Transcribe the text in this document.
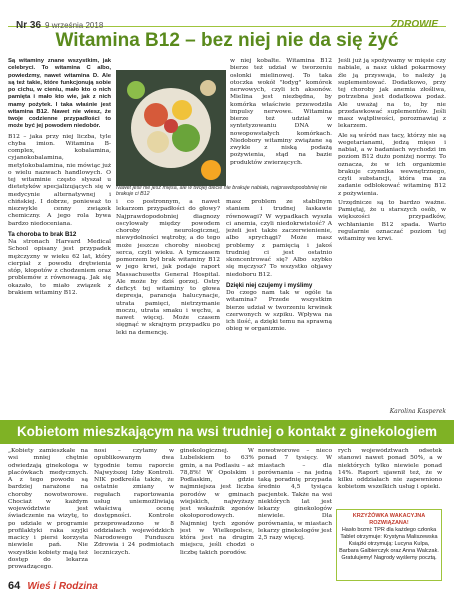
Nr 36 9 września 2018	ZDROWIE
Witamina B12 – bez niej nie da się żyć

Są witaminy znane wszystkim, jak celebryci. To witamina C albo, powiedzmy, nawet witamina D. Ale są też takie, które funkcjonują sobie po cichu, w cieniu, mało kto o nich pamięta i mało kto wie, jak z nich mamy pożytek. I taka właśnie jest witamina B12. Nawet nie wiesz, że twoje codzienne przypadłości to może być jej powodem niedobór.

B12 – jaka przy niej liczba, tyle chyba imion. Witamina B-complex, kobalamina, cyjanokobalamina, metylokobalamina, nie mówiąc już o wielu nazwach handlowych. O tej witaminie często słyszał u dietetyków specjalizujących się w medycynie alternatywnej i chińskiej. I dobrze, ponieważ to niezwykle cenny związek chemiczny. A jego rola bywa bardzo niedoceniana.

Ta choroba to brak B12

Na stronach Harvard Medical School opisany jest przypadek mężczyzny w wieku 62 lat, który cierpiał z powodu drętwienia stóp, kłopotów z chodzeniem oraz problemów z równowagą. Jak się okazało, to miało związek z brakiem witaminy B12.

Nawet jeśli nie jesz mięsa, ale w twojej diecie nie brakuje nabiału, najprawdopodobniej nie brakuje ci B12

i co postronnym, a nawet lekarzom przypadłości do głowy? Najprawdopodobniej diagnozy oscylowały między powodem choroby neurologicznej, niewydolności wątroby, a do tego może jeszcze choroby nieobcej serca, czyli wieku. A tymczasem pomorzem był brak witaminy B12 w jego krwi, jak podaje raport Massachusetts General Hospital. Ale może by dziś gorzej. Ostry deficyt tej witaminy to głowa depresja, paranoja halucynacje, utrata pamięci, nietrzymanie moczu, utrata smaku i węchu, a nawet więcej. Może czasem sięgnąć w skrajnym przypadku po leki na demencję.

masz problem ze stabilnym staniem i trudnej łaskawie równowagi? W wypadkach wyszła ci anemia, czyli niedokrwistość? A jeżeli jest także zaczerwienienie, albo sprychągi? Może masz problemy z pamięcią i jakoś trudniej ci jest ostatnio skoncentrować się? Albo szybko się męczysz? To wszystko objawy niedoboru B12.

Dzięki niej czujemy i myślimy

Do czego nam tak w ogóle ta witamina? Przede wszystkim bierze udział w tworzeniu krwinek czerwonych w szpiku. Wpływa na ich ilość, a dzięki temu na sprawną obieg w organizmie.

w niej kobalte. Witamina B12 bierze też udział w tworzeniu osłonki mielinowej. To taka otoczka wokół "łodyg" komórek nerwowych, czyli ich aksonów. Mielina jest niezbędna, by komórka właściwie przewodziła impulsy nerwowe. Witamina bierze też udział w syntetyzowaniu DNA w nowopowstałych komórkach. Niedobory witaminy zwiążane są zwykle z niską podażą pożywienia, stąd na bazie produktów zwierzęcych.

Jeśli już ją spożywamy w mięsie czy nabiale, a nasz układ pokarmowy źle ją przyswaja, to należy ją suplementować. Dodatkowo, przy tej choroby jak anemia złośliwa, potrzebna jest dodatkowa podaż. Ale uważaj na to, by nie przedawkować suplementów. Jeśli masz wątpliwości, porozmawiaj z lekarzem.

Ale są wśród nas tacy, którzy nie są wegetarianami, jedzą mięso i nabiał, a w badaniach wychodzi im poziom B12 dużo poniżej normy. To oznacza, że w ich organizmie brakuje czynnika wewnętrznego, czyli substancji, która ma za zadanie odblokować witaminę B12 z pożywienia.

Urzędnicze są to bardzo ważne. Pamiętaj, że u starszych osób, w większości przypadków, wchłanianie B12 spada. Warto regularnie oznaczać poziom tej witaminy we krwi.

Karolina Kasperek
Kobietom mieszkającym na wsi trudniej o kontakt z ginekologiem

„Kobiety zamieszkałe na wsi mniej chętnie odwiedzają ginekologa w placówkach medycznych. A z tego powodu są bardziej narażone na choroby nowotworowe. Chociaż w każdym województwie jest świadczenie na wizytę, to po udziale w programie profilaktyki raka szyjki macicy i piersi korzysta niewiele pań. Nie wszystkie kobiety mają też dostęp do lekarza prowadzącego.

nosi – czytamy w opublikowanym dwa tygodnie temu raporcie Najwyższej Izby Kontroli. NIK podkreśla także, że ostatnie zmiany w regułach raportowania usług uniemożliwiają właściwą ocenę dostępności. Kontrole przeprowadzono w 8 oddziałach wojewódzkich Narodowego Funduszu Zdrowia i 24 podmiotach leczniczych.

ginekologicznej. W Lubelskiem to 63% gmin, a na Podlasiu – aż 78,8%! W Opolskim i Podlaskim, gdzie najmniejsza jest liczba porodów w gminach wiejskich, najwyższy jest wskaźnik zgonów okołoporodowych. Najmniej tych zgonów jest w Wielkopolsce, która jest na drugim miejscu, jeśli chodzi o liczbę takich porodów.

nowotworowe – nieco ponad 7 tysięcy. W miastach – dla porównania – na jedną taką poradnię przypada średnio 4,5 tysiąca pacjentek. Także na wsi niektórych lat jest lekarzy ginekologów niewiele. Dla porównania, w miastach lekarzy ginekologów jest 2,5 razy więcej.

rych województwach odsetek stanowi nawet ponad 50%, a w niektórych tylko niewiele ponad 14%. Raport ujawnił też, że w kilku oddziałach nie zapewniono kobietom wszelkich usług i opieki.

KRZYŻÓWKA WAKACYJNA ROZWIĄZANA!
Hasło brzmi: TPR dla każdego członka
Tablet otrzymuje: Krystyna Maliszewska
Książki otrzymują: Lucyna Kulpa, Barbara Galbierczyk oraz Anna Walczak.
Gratulujemy! Nagrody wyślemy pocztą.
64 Wieś i Rodzina
